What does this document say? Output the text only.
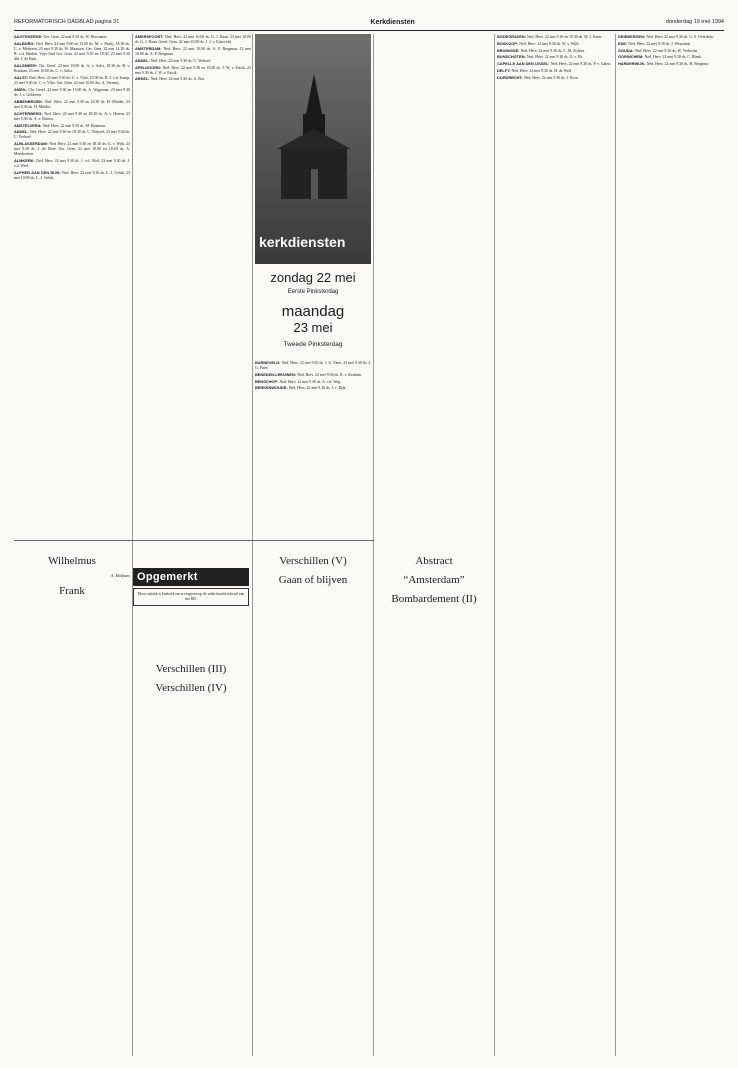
REFORMATORISCH DAGBLAD pagina 31	Kerkdiensten	donderdag 19 mei 1994

AAGTEKERKE: Ger. Gem. 22 mei 9.30 ds. W. Hoornaert.

AALBURG: Ned. Herv. 22 mei 9.00 en 15.00 ds. M. v. Paulij, 18.30 ds. C. v. Meijeren, 23 mei 9.30 ds. W. Maassen. Ger. Gem. 22 mei 14.30 ds. R. v.d. Heiden, Vrije Oud Ger. Gem. 22 mei 9.30 en 18.30, 23 mei 9.30 dhr. J. de Baat.

AALSMEER: Chr. Geref. 22 mei 10.00 ds. G. v. Aalst, 18.30 ds. B. v. Rosdam, 23 mei 10.00 ds. C. v. Aalst.

AALST: Ned. Herv. 22 mei 9.30 ds. C. v. Vliet, 18.30 ds. B. J. v.d. Kamp, 23 mei 9.30 ds. C. v. Vliet. Ger. Gem. 22 mei 10.00 drs. A. Vermeij.

AMEN: Chr. Geref. 22 mei 9.30 en 15.00 ds. A. Wagenaar, 23 mei 9.30 ds. J. v. Gelderen.

ABBENBROEK: Ned. Herv. 22 mei 9.30 en 18.30 ds. H. Mulder, 23 mei 9.30 ds. H. Mulder.

ACHTERBERG: Ned. Herv. 22 mei 9.30 en 18.30 ds. A. v. Harten, 23 mei 9.30 ds. A. v. Harten.

AMSTELVEEN: Ned. Herv. 22 mei 9.30 ds. M. Huisman.

ANDEL: Ned. Herv. 22 mei 9.30 en 18.30 ds. C. Verhoef, 23 mei 9.30 ds. C. Verhoef.

ALBLASSERDAM: Ned. Herv. 22 mei 9.30 en 18.30 ds. G. v. Wijk, 23 mei 9.30 ds. J. de Boer. Ger. Gem. 22 mei 10.00 en 18.00 ds. A. Moerkerken.

ALMKERK: Ned. Herv. 22 mei 9.30 ds. J. v.d. Wiel, 23 mei 9.30 ds. J. v.d. Wiel.

ALPHEN AAN DEN RIJN: Ned. Herv. 22 mei 9.30 ds. L. J. Geluk, 23 mei 10.00 ds. L. J. Geluk.

AMERSFOORT: Ned. Herv. 22 mei 10.00 ds. G. J. Baan, 23 mei 10.00 ds. G. J. Baan. Geref. Gem. 22 mei 10.00 ds. J. J. v. Eckeveld.

AMSTERDAM: Ned. Herv. 22 mei 10.00 ds. A. P. Bregman, 23 mei 10.00 ds. A. P. Bregman.

ANDEL: Ned. Herv. 22 mei 9.30 ds. C. Verhoef.

APELDOORN: Ned. Herv. 22 mei 9.30 en 18.30 ds. J. W. v. Estrik, 23 mei 9.30 ds. J. W. v. Estrik.

ARKEL: Ned. Herv. 22 mei 9.30 ds. A. Bos.

kerkdiensten
zondag 22 mei
Eerste Pinksterdag
maandag
23 mei
Tweede Pinksterdag

BARNEVELD: Ned. Herv. 22 mei 9.30 ds. J. G. Pater, 23 mei 9.30 ds. J. G. Pater.

BENEDEN-LEEUWEN: Ned. Herv. 22 mei 9.30 ds. K. v. Rosdam.

BENSCHOP: Ned. Herv. 22 mei 9.30 ds. A. v.d. Weg.

BERKENWOUDE: Ned. Herv. 22 mei 9.30 ds. J. v. Dijk.

BODEGRAVEN: Ned. Herv. 22 mei 9.30 en 18.30 ds. M. J. Kater.

BOSKOOP: Ned. Herv. 22 mei 9.30 ds. W. v. Wijk.

BRUINISSE: Ned. Herv. 22 mei 9.30 ds. L. M. Zijlstra.

BUNSCHOTEN: Ned. Herv. 22 mei 9.30 ds. G. v. Ek.

CAPELLE AAN DEN IJSSEL: Ned. Herv. 22 mei 9.30 ds. P. v. Galen.

DELFT: Ned. Herv. 22 mei 9.30 ds. H. de Wolf.

DORDRECHT: Ned. Herv. 22 mei 9.30 ds. J. Roos.

DRIEBERGEN: Ned. Herv. 22 mei 9.30 ds. G. S. Overduin.

EDE: Ned. Herv. 22 mei 9.30 ds. J. Westerink.

GOUDA: Ned. Herv. 22 mei 9.30 ds. W. Verboom.

GORINCHEM: Ned. Herv. 22 mei 9.30 ds. C. Blenk.

HARDERWIJK: Ned. Herv. 22 mei 9.30 ds. H. Bergsma.

Wilhelmus

A. Maljaars

Frank
Opgemerkt
Deze rubriek is bedoeld om te reageren op de redactionele inhoud van het RD.
Verschillen (III)
Verschillen (IV)
Verschillen (V)
Gaan of blijven
Abstract
“Amsterdam”
Bombardement (II)
